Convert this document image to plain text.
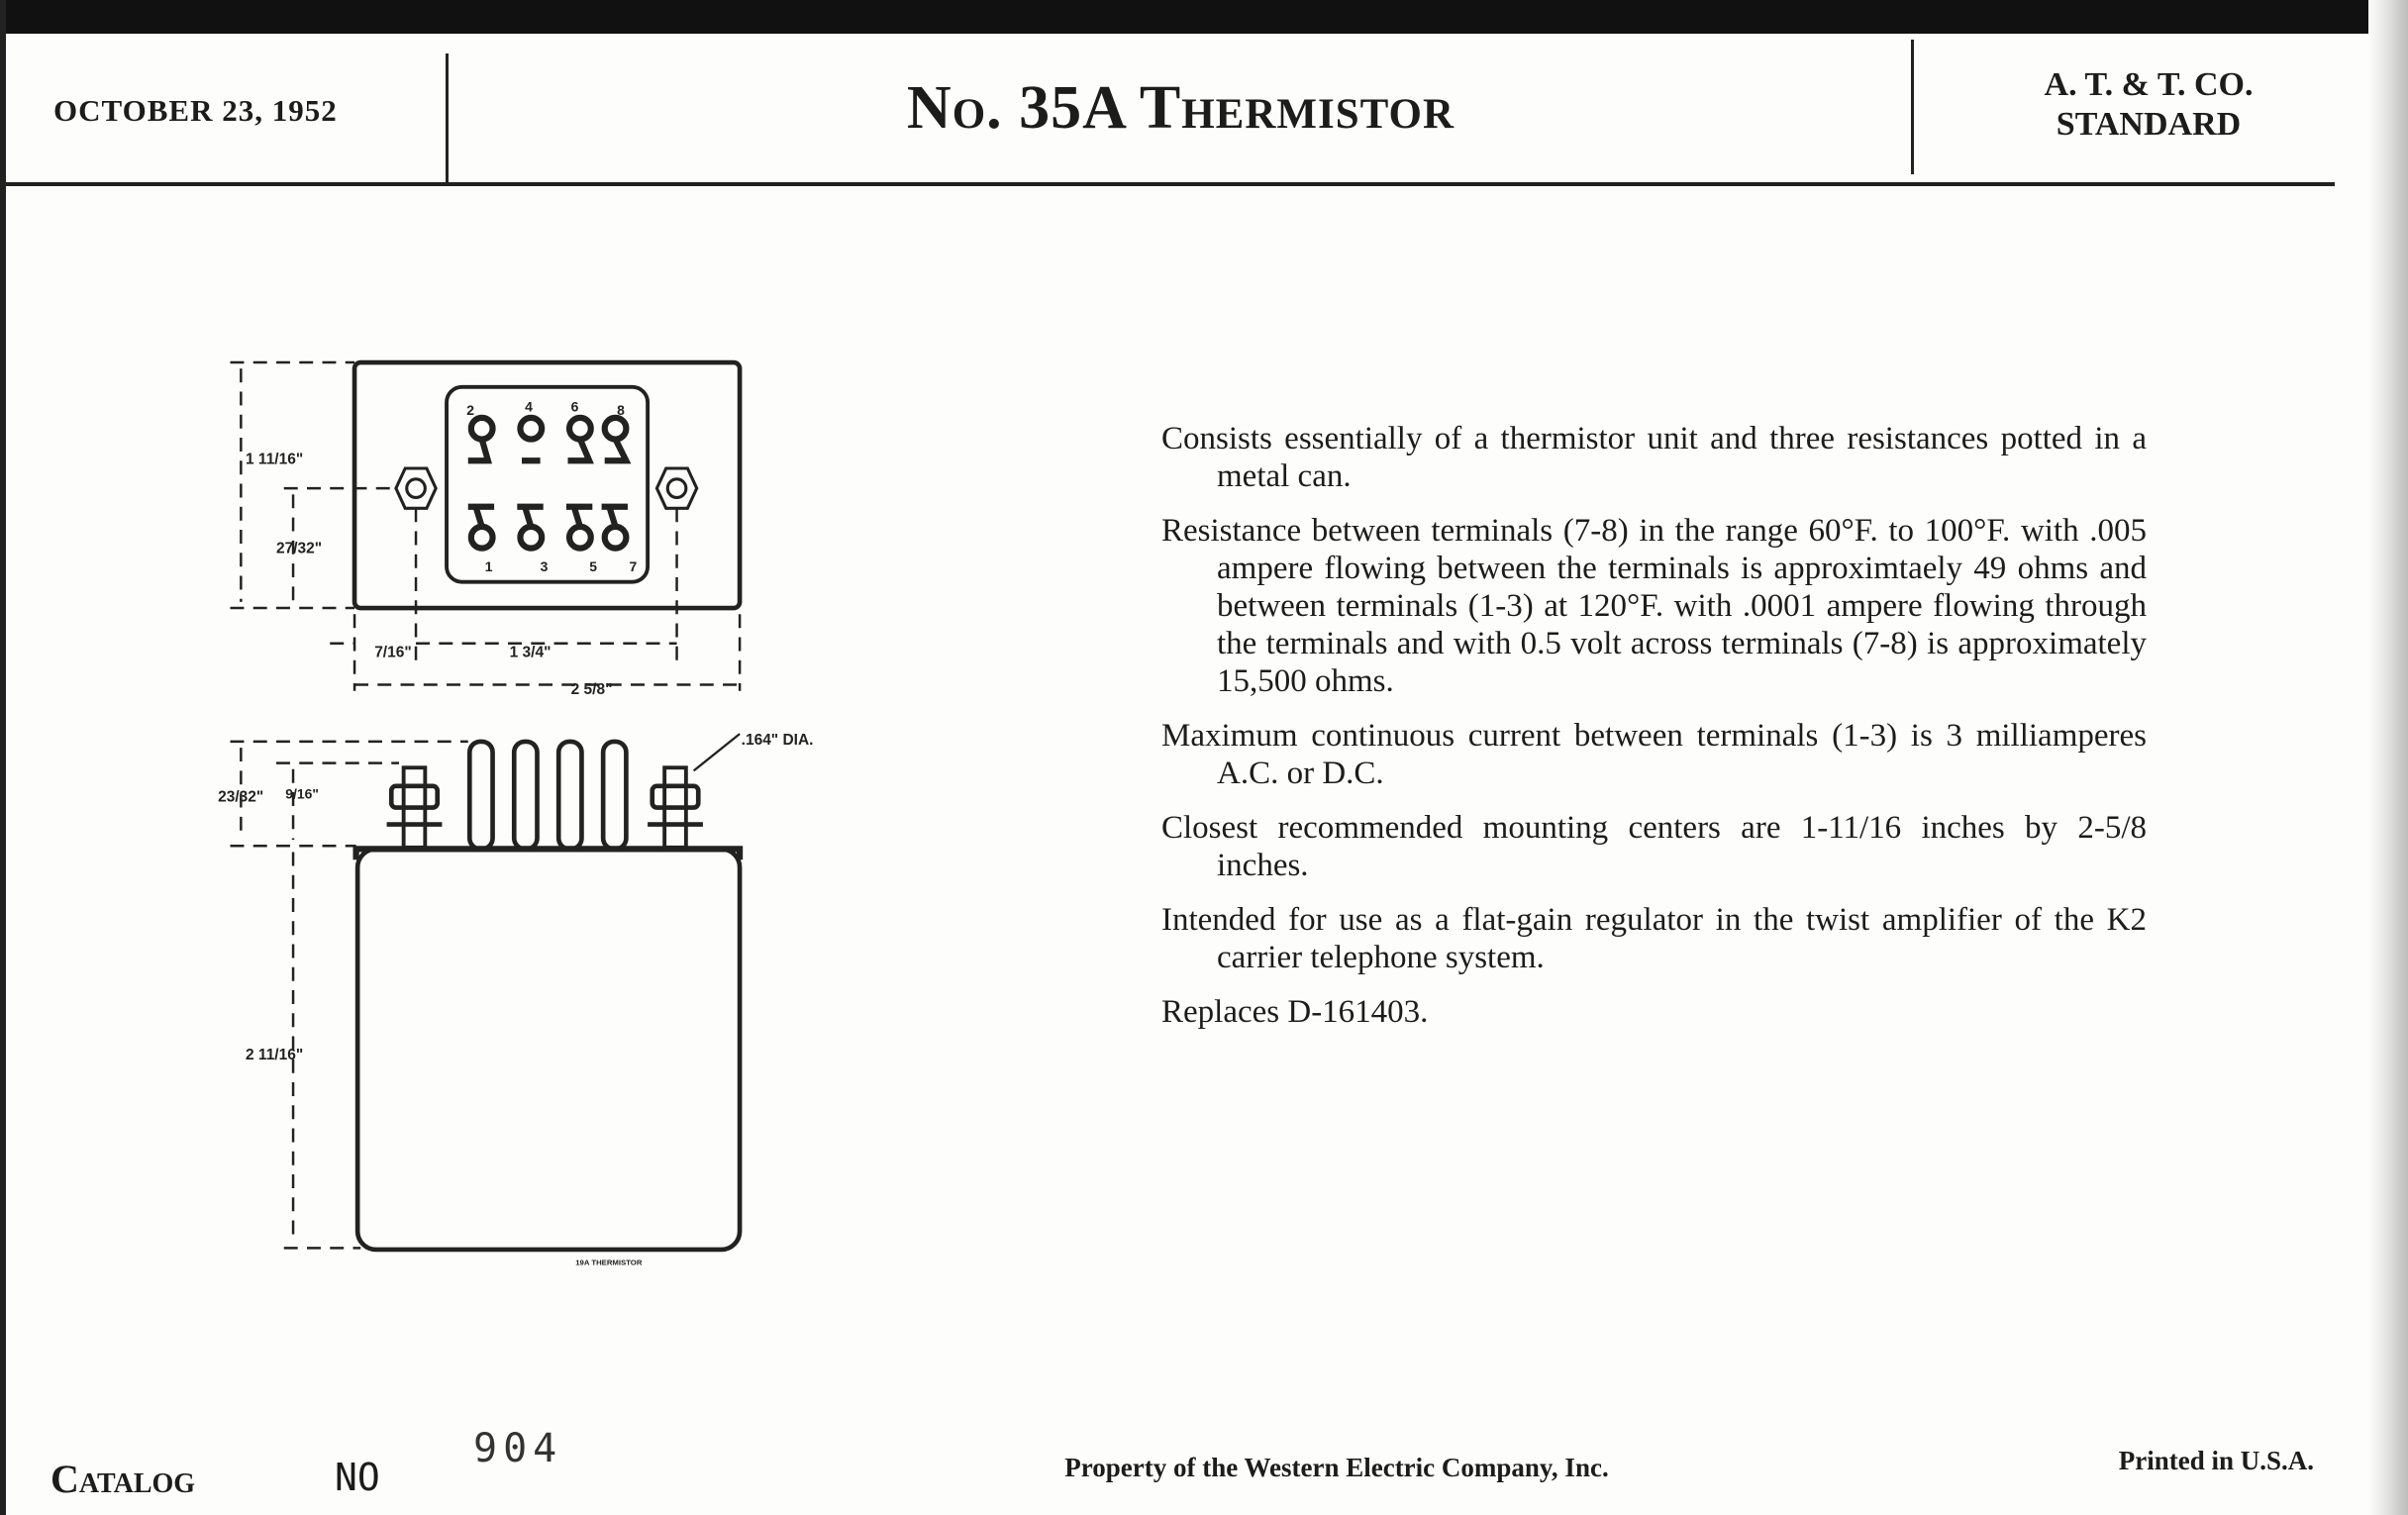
OCTOBER 23, 1952	No. 35A Thermistor	A. T. & T. CO.
STANDARD
1 11/16"
27/32"
7/16"	1 3/4"
2 5/8"
23/32" 9/16"
2 11/16"
.164" DIA.
2	4	6	8
1	3	5	7
19A THERMISTOR

Consists essentially of a thermistor unit and three resistances potted in a metal can.

Resistance between terminals (7-8) in the range 60°F. to 100°F. with .005 ampere flowing between the terminals is approximtaely 49 ohms and between terminals (1-3) at 120°F. with .0001 ampere flowing through the terminals and with 0.5 volt across terminals (7-8) is approximately 15,500 ohms.

Maximum continuous current between terminals (1-3) is 3 milliamperes A.C. or D.C.

Closest recommended mounting centers are 1-11/16 inches by 2-5/8 inches.

Intended for use as a flat-gain regulator in the twist amplifier of the K2 carrier telephone system.

Replaces D-161403.

Catalog	NO
904	Property of the Western Electric Company, Inc.	Printed in U.S.A.
